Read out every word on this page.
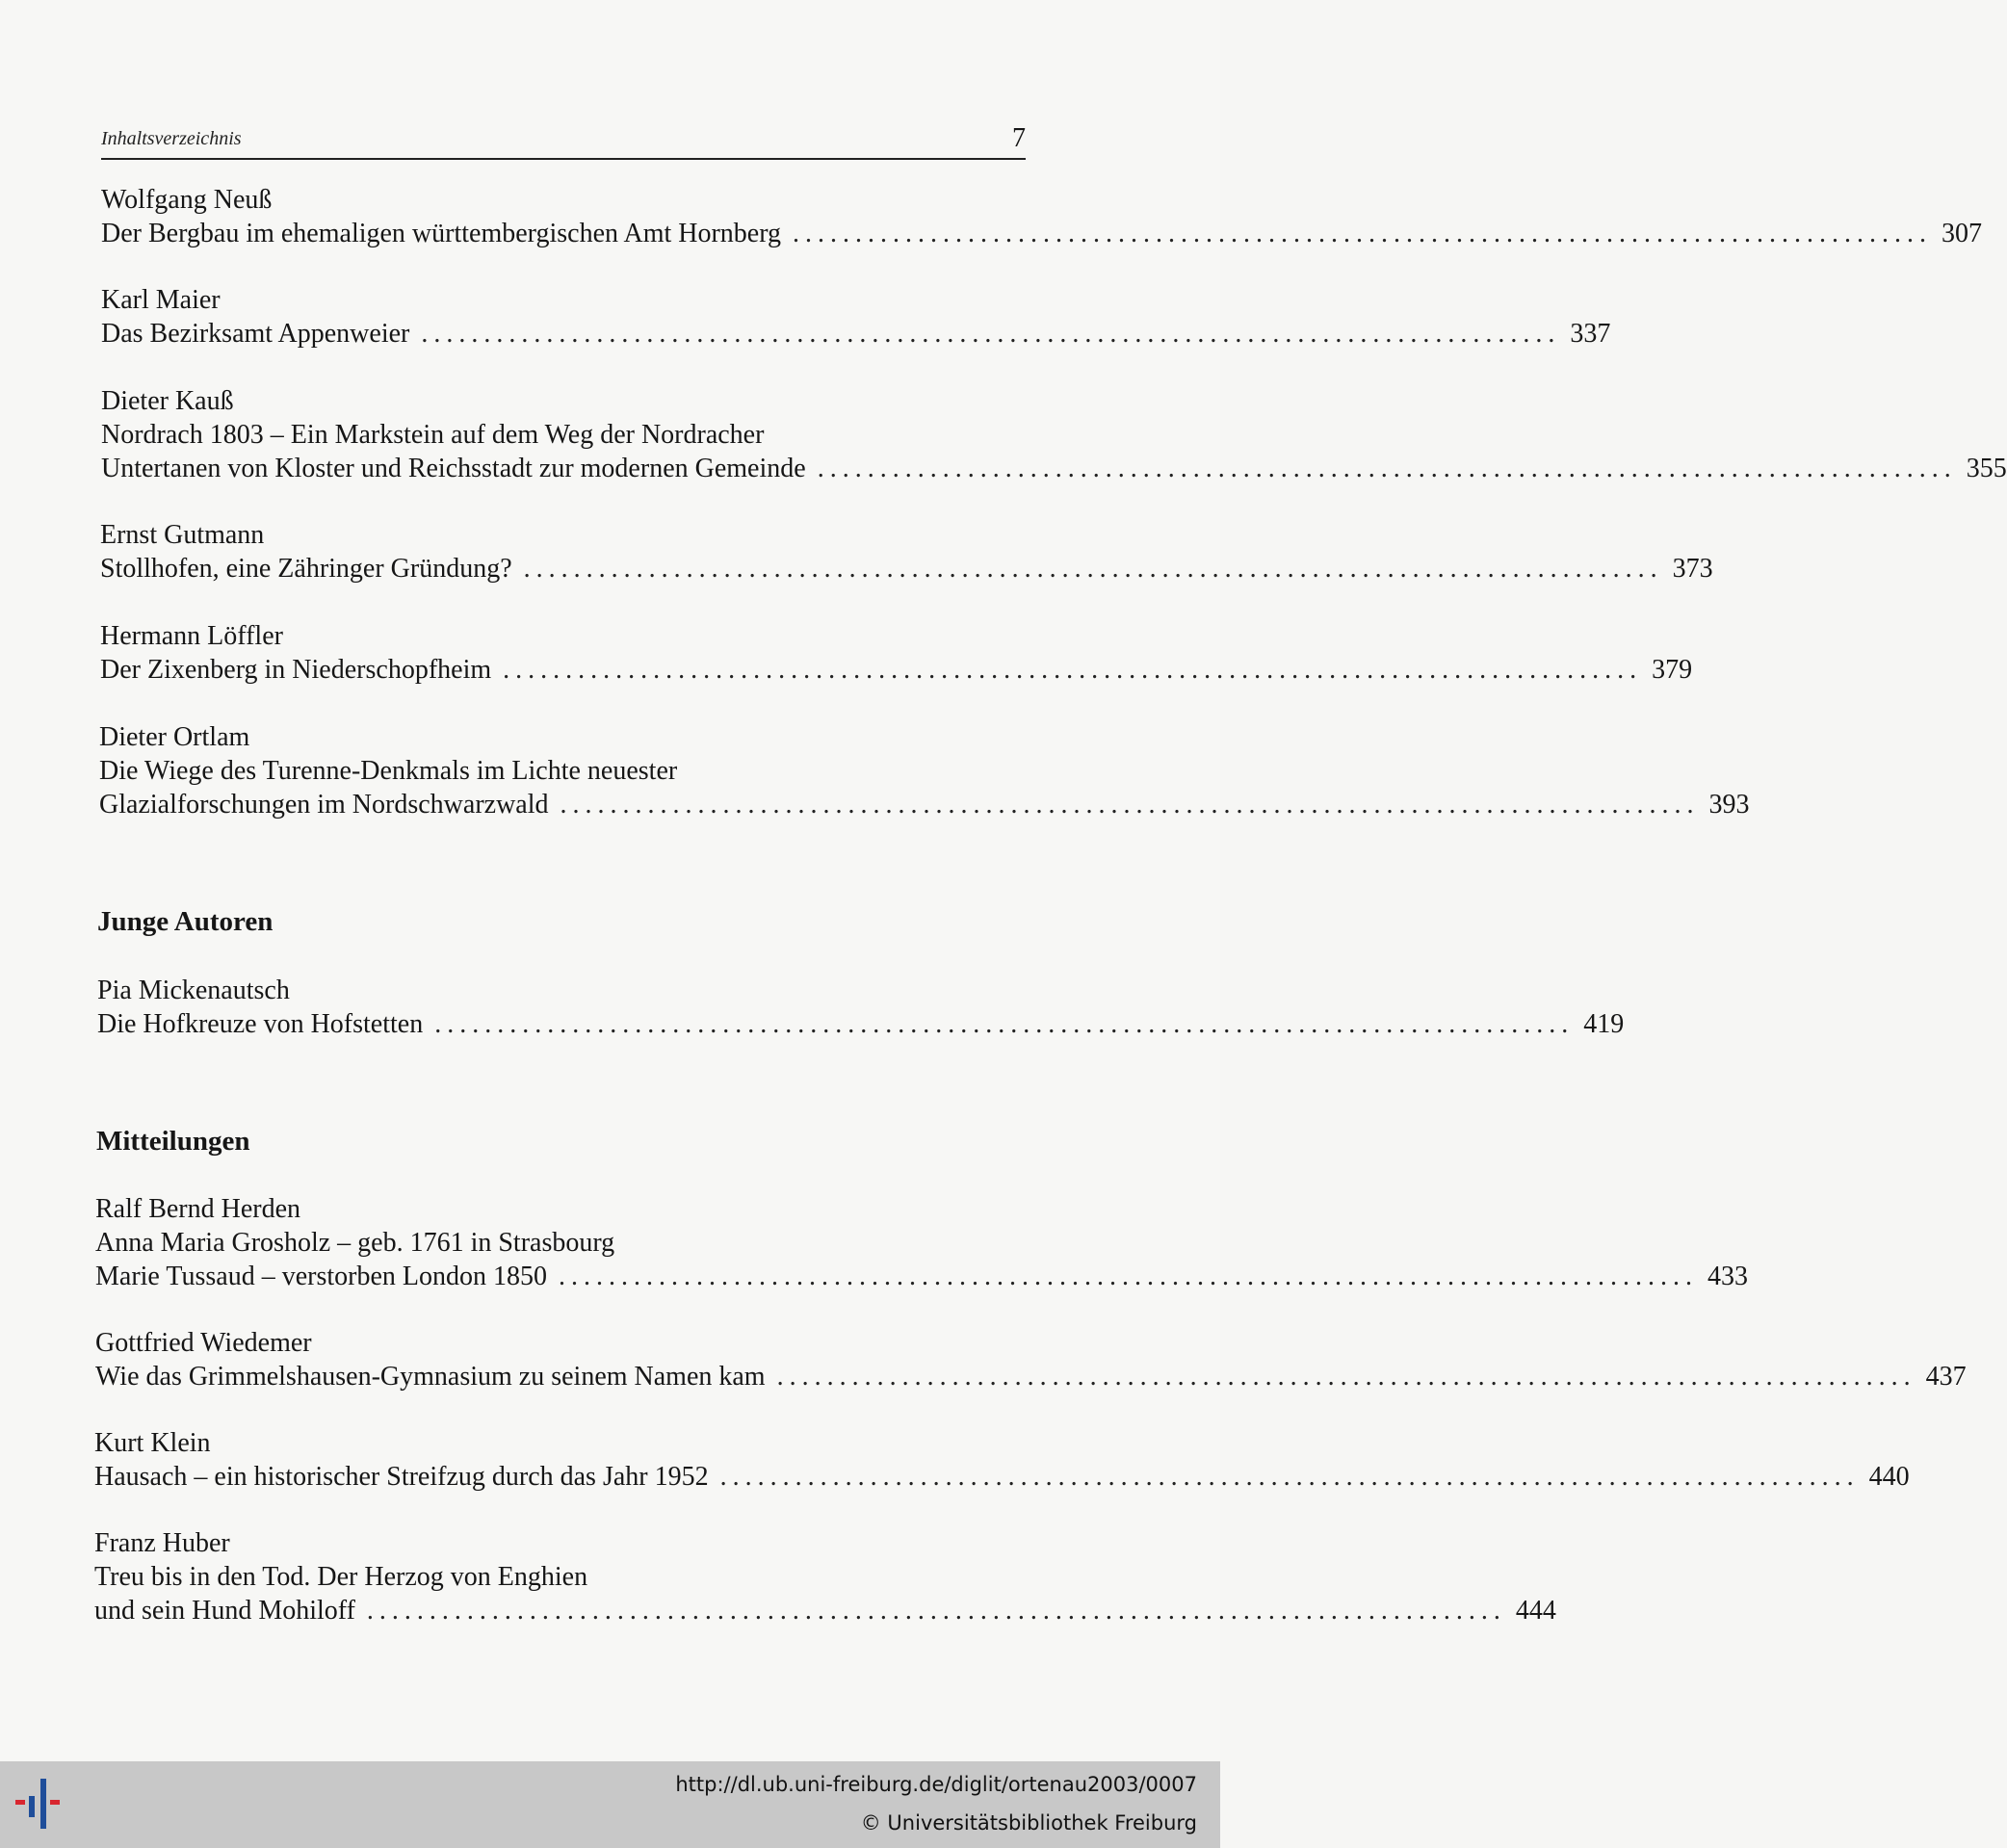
Inhaltsverzeichnis	7
Wolfgang Neuß
Der Bergbau im ehemaligen württembergischen Amt Hornberg ........................................................................................... 307
Karl Maier
Das Bezirksamt Appenweier ........................................................................................... 337
Dieter Kauß
Nordrach 1803 – Ein Markstein auf dem Weg der Nordracher
Untertanen von Kloster und Reichsstadt zur modernen Gemeinde ........................................................................................... 355
Ernst Gutmann
Stollhofen, eine Zähringer Gründung? ........................................................................................... 373
Hermann Löffler
Der Zixenberg in Niederschopfheim ........................................................................................... 379
Dieter Ortlam
Die Wiege des Turenne-Denkmals im Lichte neuester
Glazialforschungen im Nordschwarzwald ........................................................................................... 393
Junge Autoren
Pia Mickenautsch
Die Hofkreuze von Hofstetten ........................................................................................... 419
Mitteilungen
Ralf Bernd Herden
Anna Maria Grosholz – geb. 1761 in Strasbourg
Marie Tussaud – verstorben London 1850 ........................................................................................... 433
Gottfried Wiedemer
Wie das Grimmelshausen-Gymnasium zu seinem Namen kam ........................................................................................... 437
Kurt Klein
Hausach – ein historischer Streifzug durch das Jahr 1952 ........................................................................................... 440
Franz Huber
Treu bis in den Tod. Der Herzog von Enghien
und sein Hund Mohiloff ........................................................................................... 444
http://dl.ub.uni-freiburg.de/diglit/ortenau2003/0007
© Universitätsbibliothek Freiburg
